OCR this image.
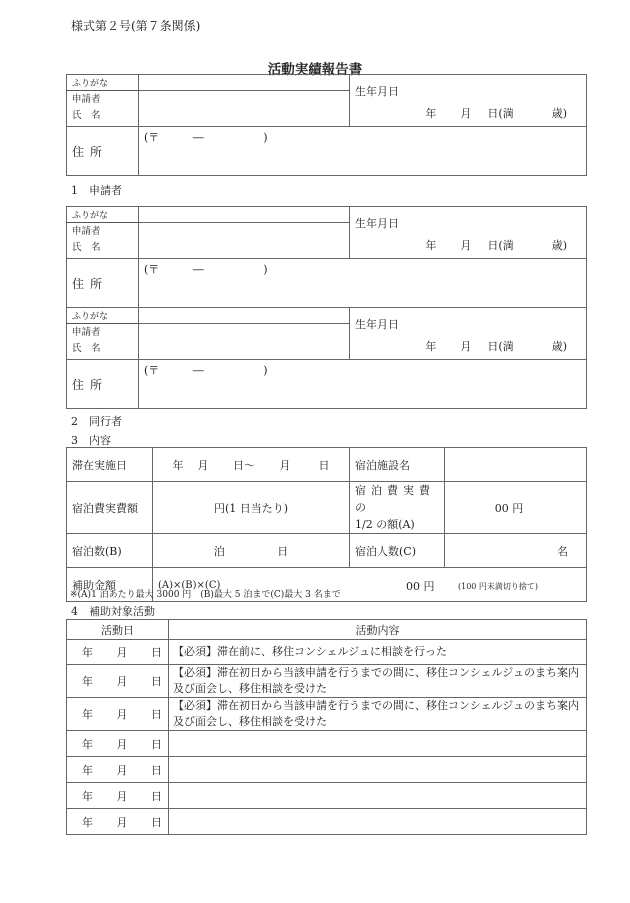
様式第２号(第７条関係)
活動実績報告書
ふりがな		生年月日
年 月 日(満 歳)

申請者
氏　名		

住所	(〒 ― )	
ふりがな		生年月日
年 月 日(満 歳)

申請者
氏　名		

住所	(〒 ― )	
ふりがな		生年月日
年 月 日(満 歳)

申請者
氏　名		

住所	(〒 ― )	
1　申請者
2　同行者
3　内容
滞在実施日	年 月 日～ 月 日	宿泊施設名	
宿泊費実費額	円(1 日当たり)	宿泊費実費の
1/2 の額(A)	00 円
宿泊数(B)	泊 日	宿泊人数(C)	名
補助金額	(A)×(B)×(C) 00 円 (100 円未満切り捨て)		
※(A)1 泊あたり最大 3000 円　(B)最大 5 泊まで(C)最大 3 名まで
4　補助対象活動
活動日	活動内容
年 月 日	【必須】滞在前に、移住コンシェルジュに相談を行った
年 月 日	【必須】滞在初日から当該申請を行うまでの間に、移住コンシェルジュのまち案内及び面会し、移住相談を受けた
年 月 日	【必須】滞在初日から当該申請を行うまでの間に、移住コンシェルジュのまち案内及び面会し、移住相談を受けた
年 月 日	
年 月 日	
年 月 日	
年 月 日	
